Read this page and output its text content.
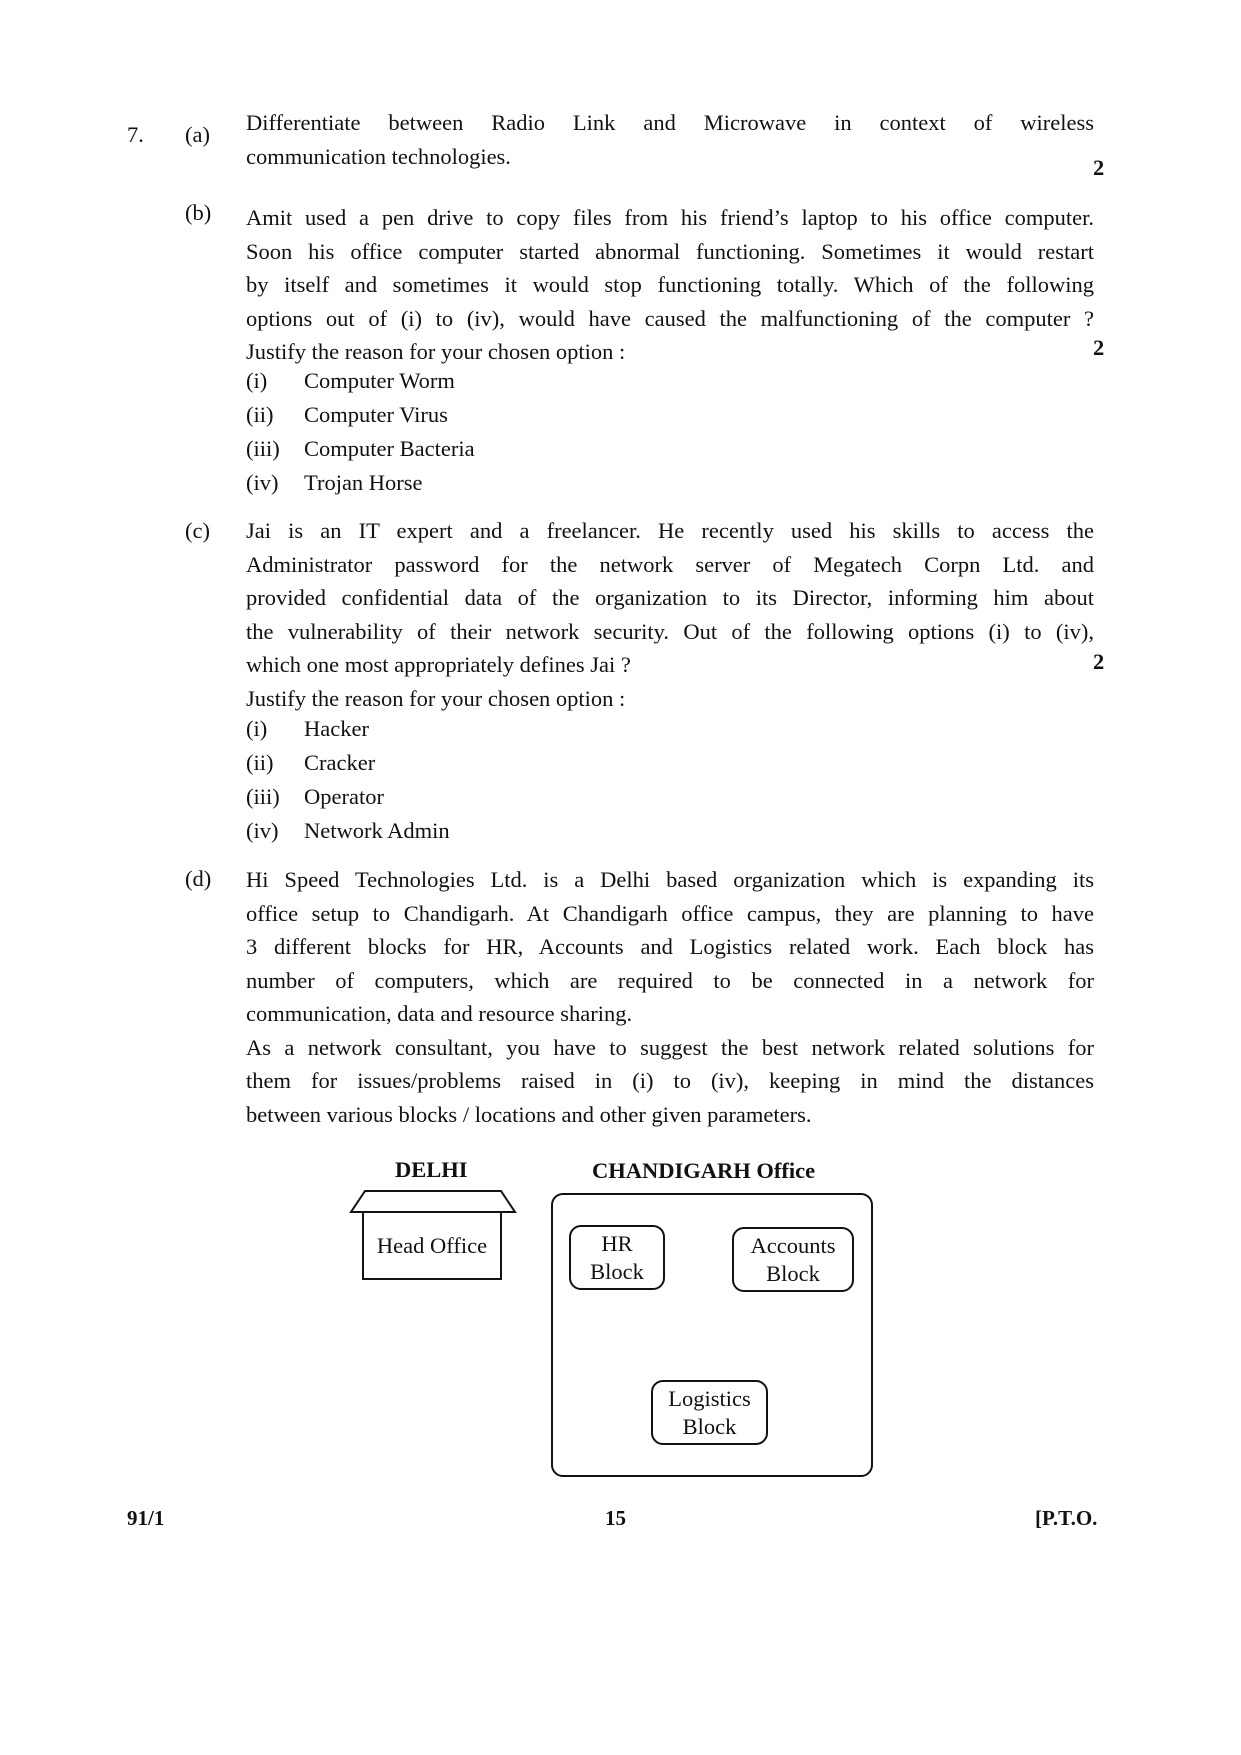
7. (a) Differentiate between Radio Link and Microwave in context of wireless
communication technologies.	2
(b) Amit used a pen drive to copy files from his friend’s laptop to his office computer.
Soon his office computer started abnormal functioning. Sometimes it would restart
by itself and sometimes it would stop functioning totally. Which of the following
options out of (i) to (iv), would have caused the malfunctioning of the computer ?
Justify the reason for your chosen option :	2
(i) Computer Worm
(ii) Computer Virus
(iii) Computer Bacteria
(iv) Trojan Horse
(c) Jai is an IT expert and a freelancer. He recently used his skills to access the
Administrator password for the network server of Megatech Corpn Ltd. and
provided confidential data of the organization to its Director, informing him about
the vulnerability of their network security. Out of the following options (i) to (iv),
which one most appropriately defines Jai ?
Justify the reason for your chosen option :
2
(i) Hacker
(ii) Cracker
(iii) Operator
(iv) Network Admin
(d) Hi Speed Technologies Ltd. is a Delhi based organization which is expanding its
office setup to Chandigarh. At Chandigarh office campus, they are planning to have
3 different blocks for HR, Accounts and Logistics related work. Each block has
number of computers, which are required to be connected in a network for
communication, data and resource sharing.
As a network consultant, you have to suggest the best network related solutions for
them for issues/problems raised in (i) to (iv), keeping in mind the distances
between various blocks / locations and other given parameters.
DELHI
Head Office
CHANDIGARH Office
HR
Block
Accounts
Block
Logistics
Block
91/1	15	[P.T.O.
